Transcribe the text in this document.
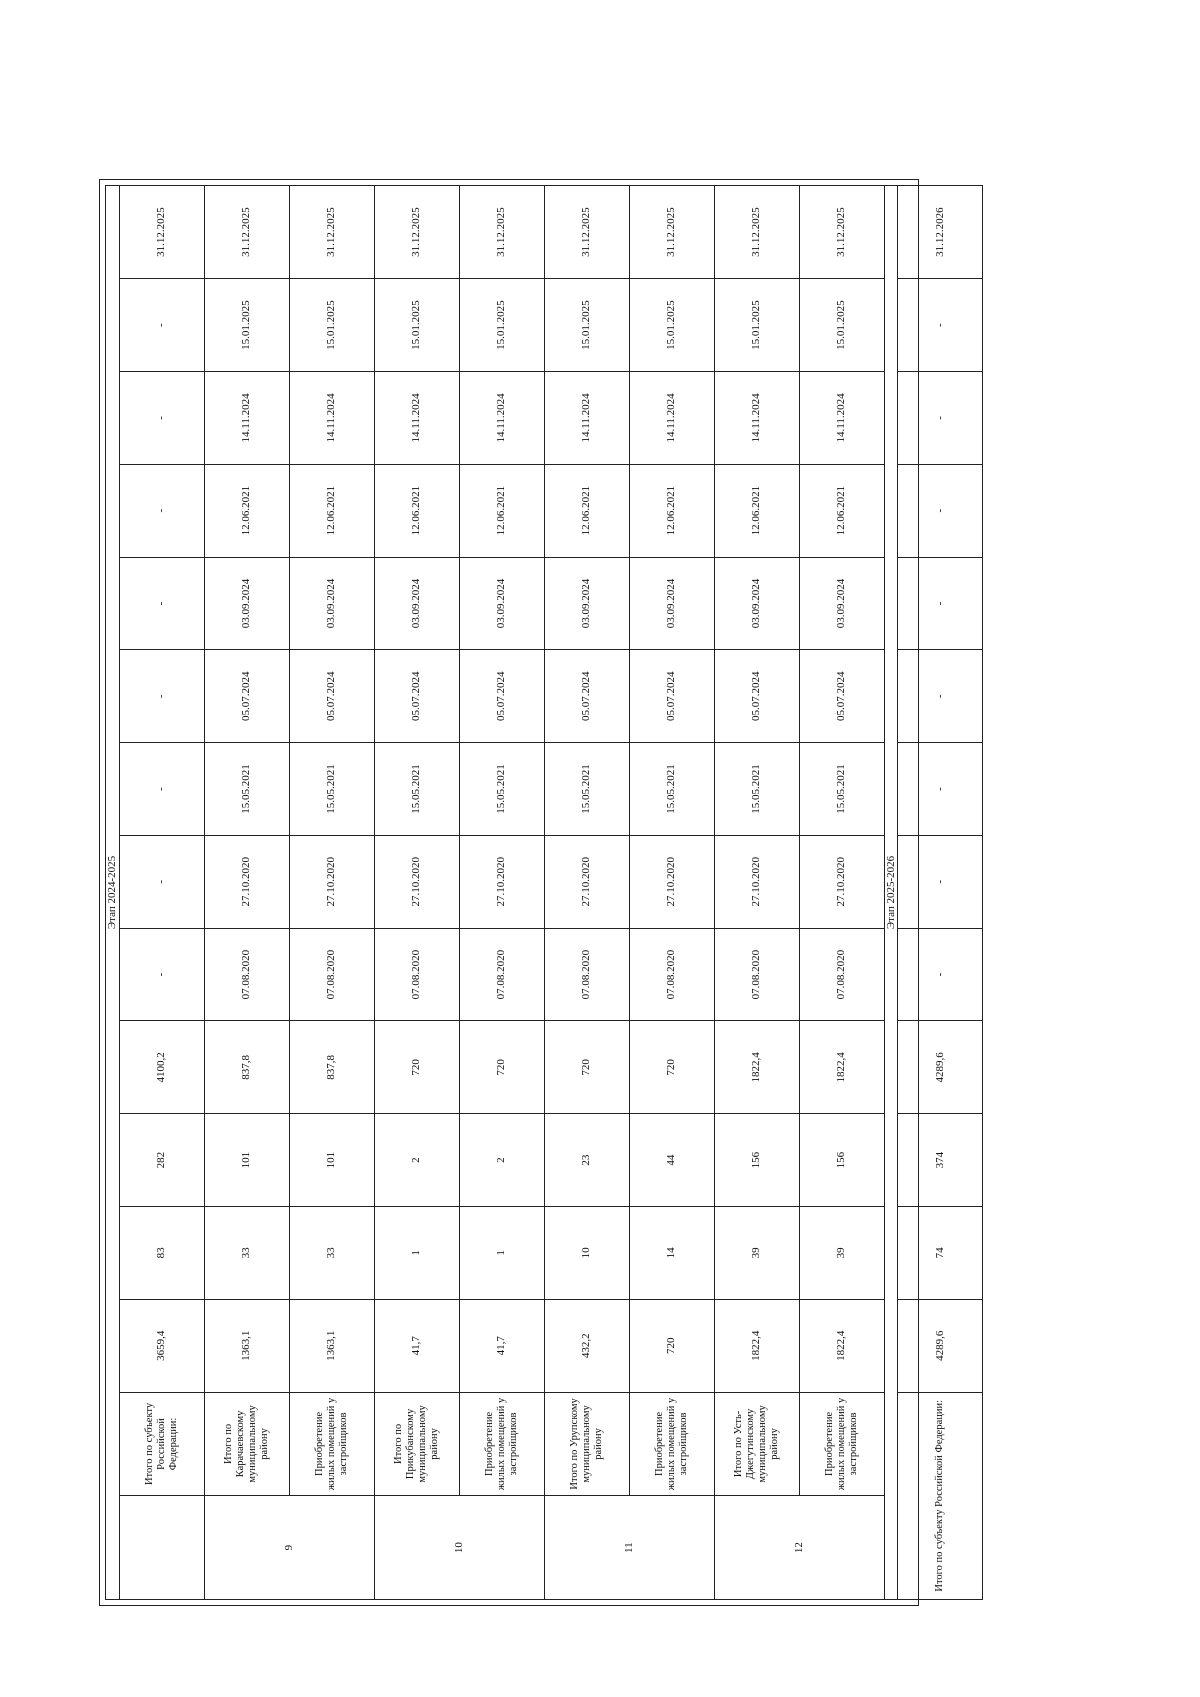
Этап 2024-2025														
	Итого по субъекту Российской Федерации:	3659,4	83	282	4100,2	-	-	-	-	-	-	-	-	31.12.2025
9	Итого по Карачаевскому муниципальному району	1363,1	33	101	837,8	07.08.2020	27.10.2020	15.05.2021	05.07.2024	03.09.2024	12.06.2021	14.11.2024	15.01.2025	31.12.2025
	Приобретение жилых помещений у застройщиков	1363,1	33	101	837,8	07.08.2020	27.10.2020	15.05.2021	05.07.2024	03.09.2024	12.06.2021	14.11.2024	15.01.2025	31.12.2025
10	Итого по Прикубанскому муниципальному району	41,7	1	2	720	07.08.2020	27.10.2020	15.05.2021	05.07.2024	03.09.2024	12.06.2021	14.11.2024	15.01.2025	31.12.2025
	Приобретение жилых помещений у застройщиков	41,7	1	2	720	07.08.2020	27.10.2020	15.05.2021	05.07.2024	03.09.2024	12.06.2021	14.11.2024	15.01.2025	31.12.2025
11	Итого по Урупскому муниципальному району	432,2	10	23	720	07.08.2020	27.10.2020	15.05.2021	05.07.2024	03.09.2024	12.06.2021	14.11.2024	15.01.2025	31.12.2025
	Приобретение жилых помещений у застройщиков	720	14	44	720	07.08.2020	27.10.2020	15.05.2021	05.07.2024	03.09.2024	12.06.2021	14.11.2024	15.01.2025	31.12.2025
12	Итого по Усть-Джегутинскому муниципальному району	1822,4	39	156	1822,4	07.08.2020	27.10.2020	15.05.2021	05.07.2024	03.09.2024	12.06.2021	14.11.2024	15.01.2025	31.12.2025
	Приобретение жилых помещений у застройщиков	1822,4	39	156	1822,4	07.08.2020	27.10.2020	15.05.2021	05.07.2024	03.09.2024	12.06.2021	14.11.2024	15.01.2025	31.12.2025
Этап 2025-2026														
Итого по субъекту Российской Федерации:		4289,6	74	374	4289,6	-	-	-	-	-	-	-	-	31.12.2026
